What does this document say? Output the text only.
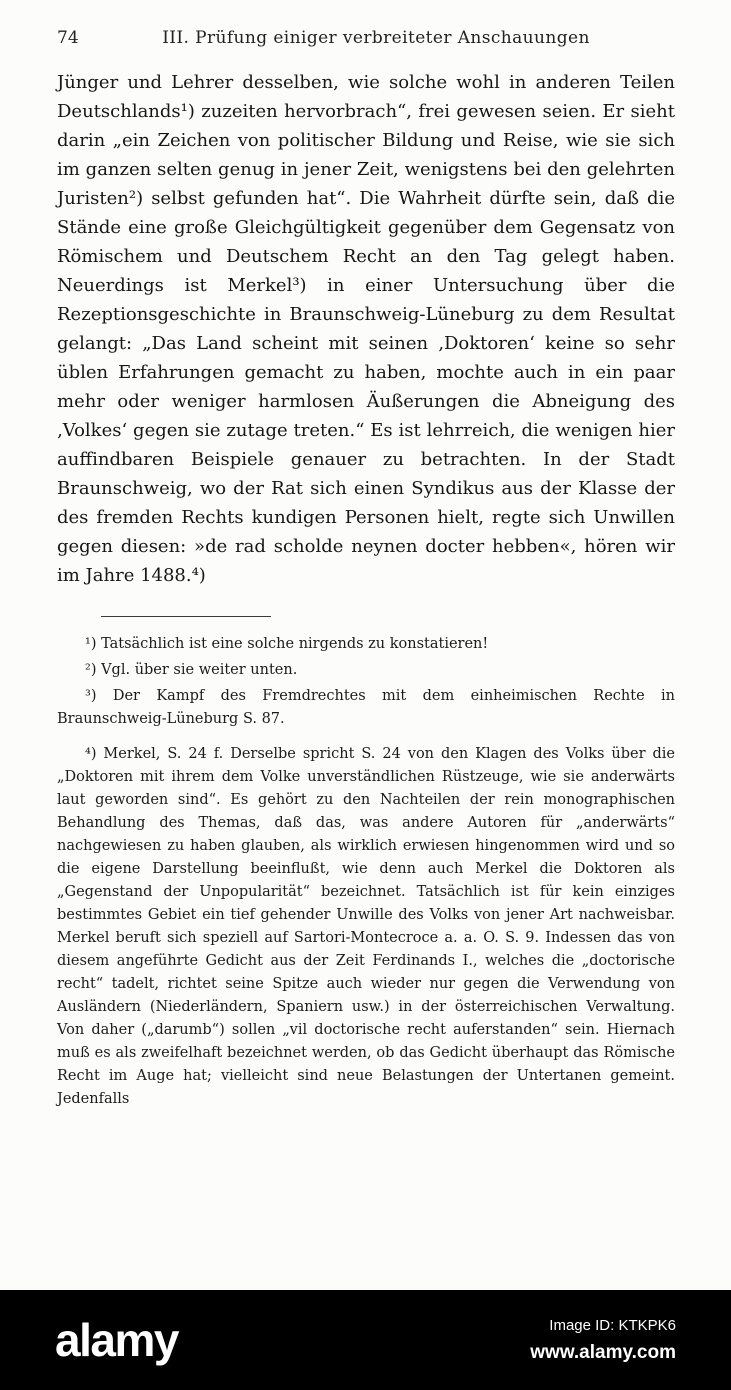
74	III. Prüfung einiger verbreiteter Anschauungen

Jünger und Lehrer desselben, wie solche wohl in anderen Teilen Deutschlands¹) zuzeiten hervorbrach“, frei gewesen seien. Er sieht darin „ein Zeichen von politischer Bildung und Reise, wie sie sich im ganzen selten genug in jener Zeit, wenigstens bei den gelehrten Juristen²) selbst gefunden hat“. Die Wahrheit dürfte sein, daß die Stände eine große Gleichgültigkeit gegenüber dem Gegensatz von Römischem und Deutschem Recht an den Tag gelegt haben. Neuerdings ist Merkel³) in einer Untersuchung über die Rezeptionsgeschichte in Braunschweig-Lüneburg zu dem Resultat gelangt: „Das Land scheint mit seinen ‚Doktoren‘ keine so sehr üblen Erfahrungen gemacht zu haben, mochte auch in ein paar mehr oder weniger harmlosen Äußerungen die Abneigung des ‚Volkes‘ gegen sie zutage treten.“ Es ist lehrreich, die wenigen hier auffindbaren Beispiele genauer zu betrachten. In der Stadt Braunschweig, wo der Rat sich einen Syndikus aus der Klasse der des fremden Rechts kundigen Personen hielt, regte sich Unwillen gegen diesen: »de rad scholde neynen docter hebben«, hören wir im Jahre 1488.⁴)

¹) Tatsächlich ist eine solche nirgends zu konstatieren!

²) Vgl. über sie weiter unten.

³) Der Kampf des Fremdrechtes mit dem einheimischen Rechte in Braunschweig-Lüneburg S. 87.

⁴) Merkel, S. 24 f. Derselbe spricht S. 24 von den Klagen des Volks über die „Doktoren mit ihrem dem Volke unverständlichen Rüstzeuge, wie sie anderwärts laut geworden sind“. Es gehört zu den Nachteilen der rein monographischen Behandlung des Themas, daß das, was andere Autoren für „anderwärts“ nachgewiesen zu haben glauben, als wirklich erwiesen hingenommen wird und so die eigene Darstellung beeinflußt, wie denn auch Merkel die Doktoren als „Gegenstand der Unpopularität“ bezeichnet. Tatsächlich ist für kein einziges bestimmtes Gebiet ein tief gehender Unwille des Volks von jener Art nachweisbar. Merkel beruft sich speziell auf Sartori-Montecroce a. a. O. S. 9. Indessen das von diesem angeführte Gedicht aus der Zeit Ferdinands I., welches die „doctorische recht“ tadelt, richtet seine Spitze auch wieder nur gegen die Verwendung von Ausländern (Niederländern, Spaniern usw.) in der österreichischen Verwaltung. Von daher („darumb“) sollen „vil doctorische recht auferstanden“ sein. Hiernach muß es als zweifelhaft bezeichnet werden, ob das Gedicht überhaupt das Römische Recht im Auge hat; vielleicht sind neue Belastungen der Untertanen gemeint. Jedenfalls

alamy	Image ID: KTKPK6
www.alamy.com
